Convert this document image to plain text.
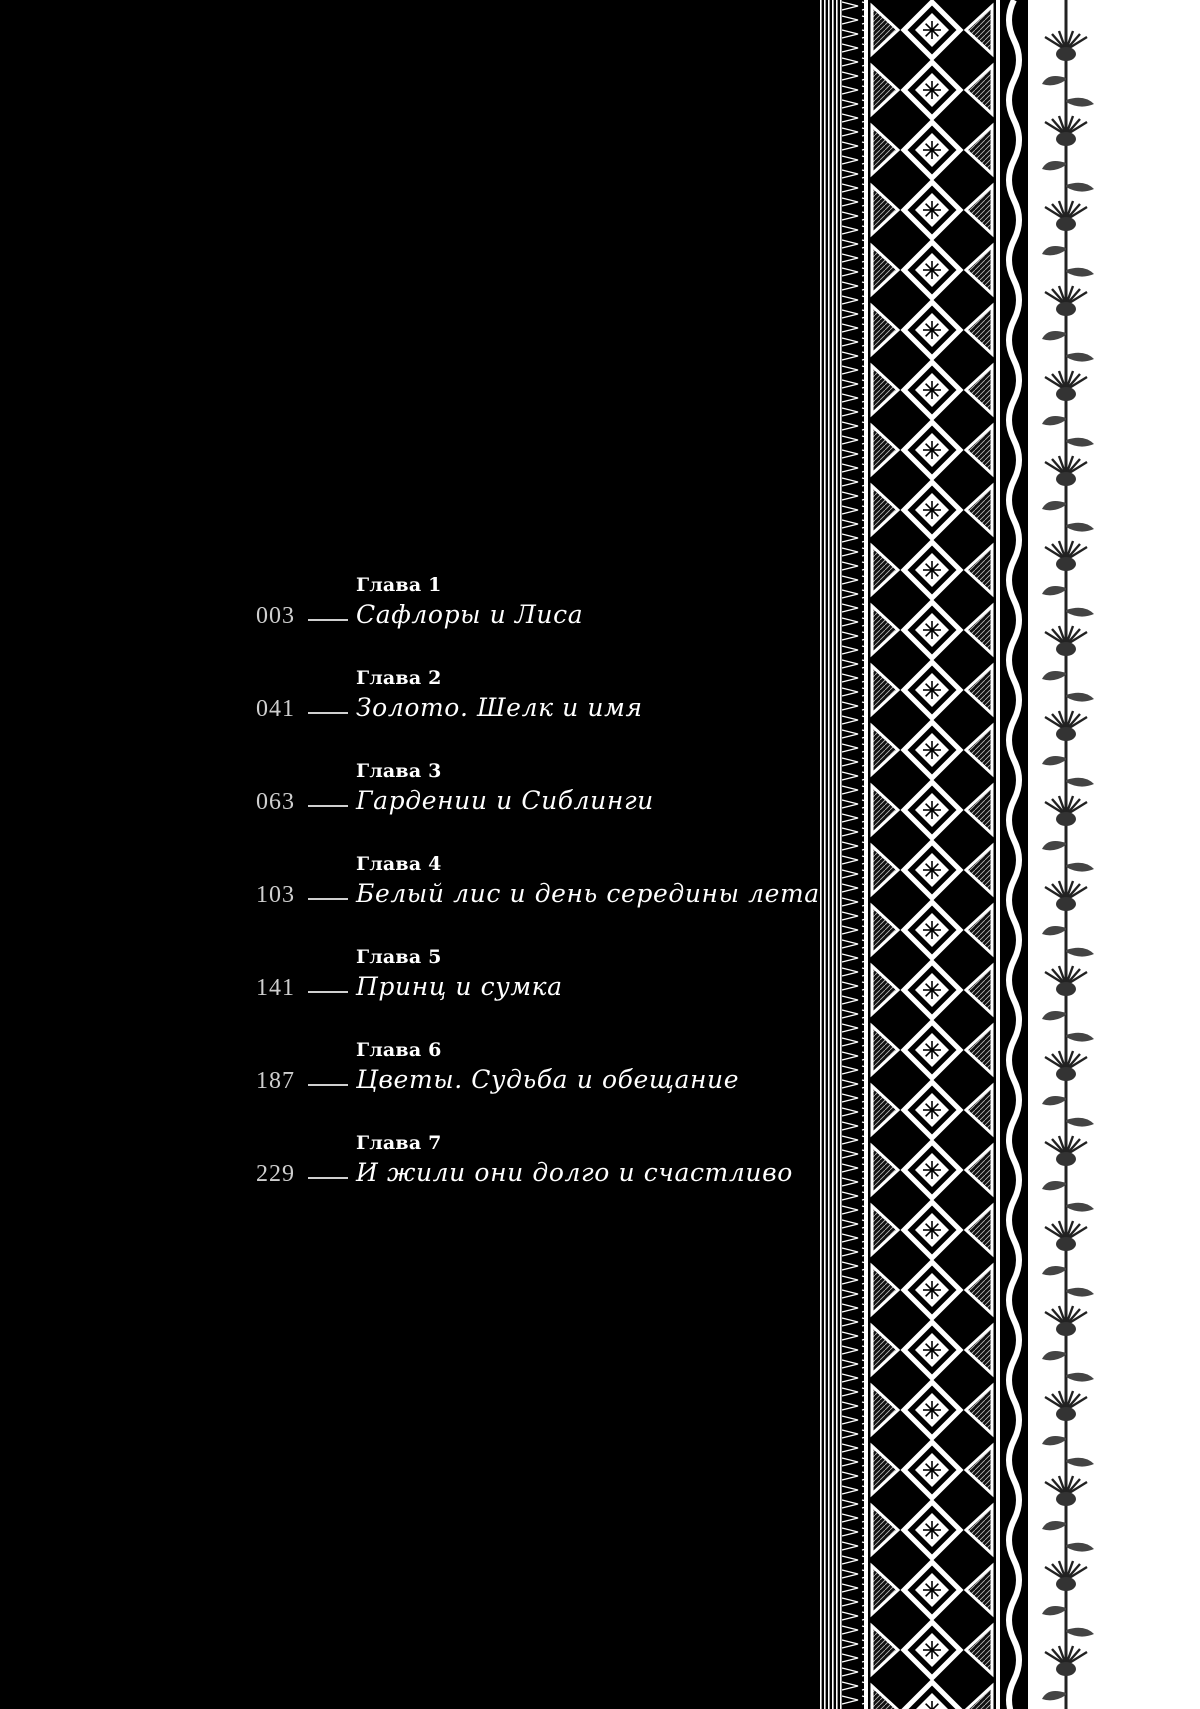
Глава 1
003	Сафлоры и Лиса
Глава 2
041	Золото. Шелк и имя
Глава 3
063	Гардении и Сиблинги
Глава 4
103	Белый лис и день середины лета
Глава 5
141	Принц и сумка
Глава 6
187	Цветы. Судьба и обещание
Глава 7
229	И жили они долго и счастливо
